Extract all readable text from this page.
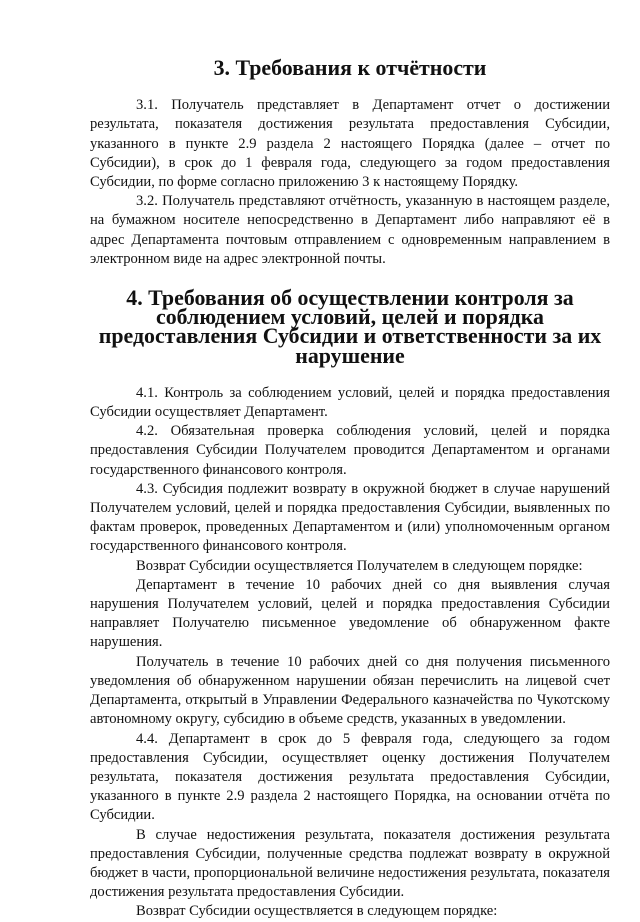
3. Требования к отчётности

3.1. Получатель представляет в Департамент отчет о достижении результата, показателя достижения результата предоставления Субсидии, указанного в пункте 2.9 раздела 2 настоящего Порядка (далее – отчет по Субсидии), в срок до 1 февраля года, следующего за годом предоставления Субсидии, по форме согласно приложению 3 к настоящему Порядку.

3.2. Получатель представляют отчётность, указанную в настоящем разделе, на бумажном носителе непосредственно в Департамент либо направляют её в адрес Департамента почтовым отправлением с одновременным направлением в электронном виде на адрес электронной почты.

4. Требования об осуществлении контроля за соблюдением условий, целей и порядка предоставления Субсидии и ответственности за их нарушение

4.1. Контроль за соблюдением условий, целей и порядка предоставления Субсидии осуществляет Департамент.

4.2. Обязательная проверка соблюдения условий, целей и порядка предоставления Субсидии Получателем проводится Департаментом и органами государственного финансового контроля.

4.3. Субсидия подлежит возврату в окружной бюджет в случае нарушений Получателем условий, целей и порядка предоставления Субсидии, выявленных по фактам проверок, проведенных Департаментом и (или) уполномоченным органом государственного финансового контроля.

Возврат Субсидии осуществляется Получателем в следующем порядке:

Департамент в течение 10 рабочих дней со дня выявления случая нарушения Получателем условий, целей и порядка предоставления Субсидии направляет Получателю письменное уведомление об обнаруженном факте нарушения.

Получатель в течение 10 рабочих дней со дня получения письменного уведомления об обнаруженном нарушении обязан перечислить на лицевой счет Департамента, открытый в Управлении Федерального казначейства по Чукотскому автономному округу, субсидию в объеме средств, указанных в уведомлении.

4.4. Департамент в срок до 5 февраля года, следующего за годом предоставления Субсидии, осуществляет оценку достижения Получателем результата, показателя достижения результата предоставления Субсидии, указанного в пункте 2.9 раздела 2 настоящего Порядка, на основании отчёта по Субсидии.

В случае недостижения результата, показателя достижения результата предоставления Субсидии, полученные средства подлежат возврату в окружной бюджет в части, пропорциональной величине недостижения результата, показателя достижения результата предоставления Субсидии.

Возврат Субсидии осуществляется в следующем порядке:
